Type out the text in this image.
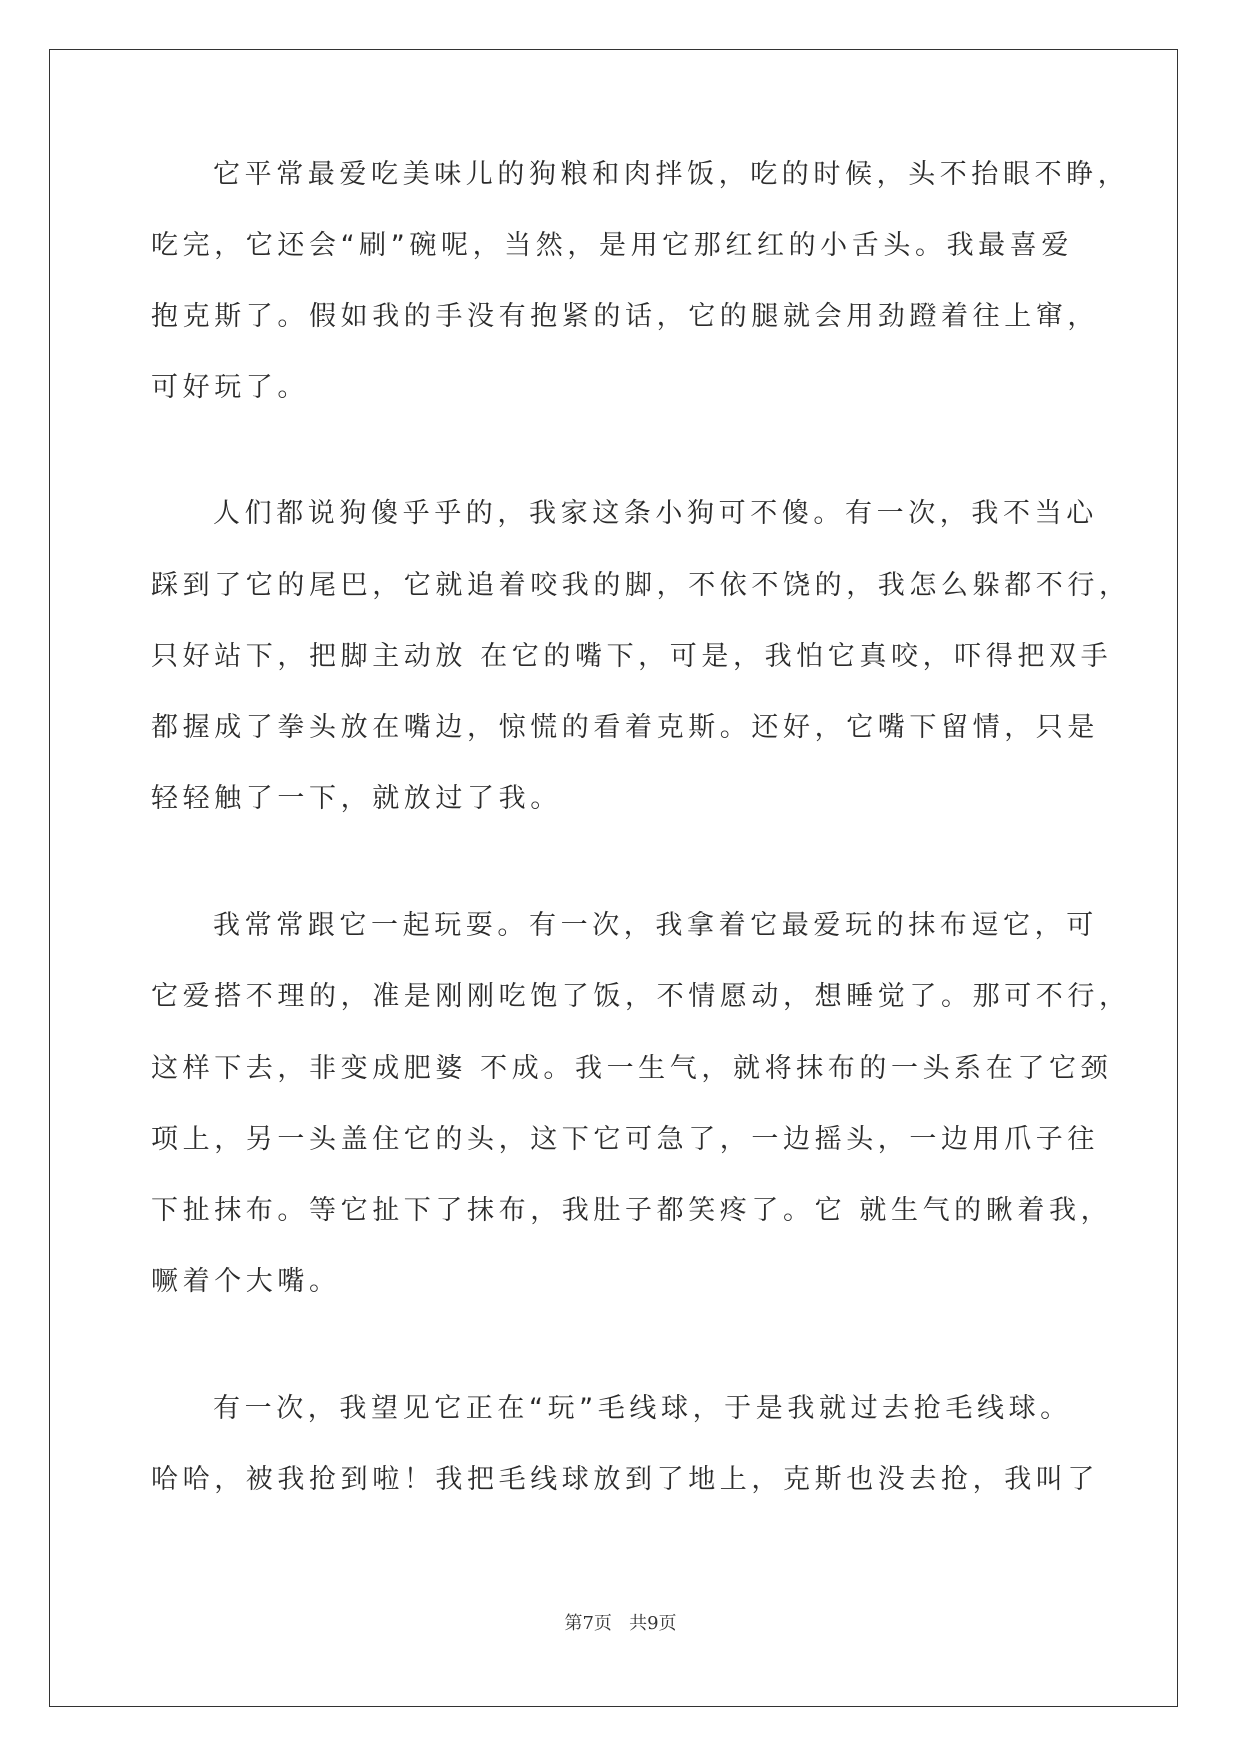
它平常最爱吃美味儿的狗粮和肉拌饭，吃的时候，头不抬眼不睁，
吃完，它还会“刷”碗呢，当然，是用它那红红的小舌头。我最喜爱
抱克斯了。假如我的手没有抱紧的话，它的腿就会用劲蹬着往上窜，
可好玩了。
人们都说狗傻乎乎的，我家这条小狗可不傻。有一次，我不当心
踩到了它的尾巴，它就追着咬我的脚，不依不饶的，我怎么躲都不行，
只好站下，把脚主动放 在它的嘴下，可是，我怕它真咬，吓得把双手
都握成了拳头放在嘴边，惊慌的看着克斯。还好，它嘴下留情，只是
轻轻触了一下，就放过了我。
我常常跟它一起玩耍。有一次，我拿着它最爱玩的抹布逗它，可
它爱搭不理的，准是刚刚吃饱了饭，不情愿动，想睡觉了。那可不行，
这样下去，非变成肥婆 不成。我一生气，就将抹布的一头系在了它颈
项上，另一头盖住它的头，这下它可急了，一边摇头，一边用爪子往
下扯抹布。等它扯下了抹布，我肚子都笑疼了。它 就生气的瞅着我，
噘着个大嘴。
有一次，我望见它正在“玩”毛线球，于是我就过去抢毛线球。
哈哈，被我抢到啦！我把毛线球放到了地上，克斯也没去抢，我叫了
第7页 共9页
